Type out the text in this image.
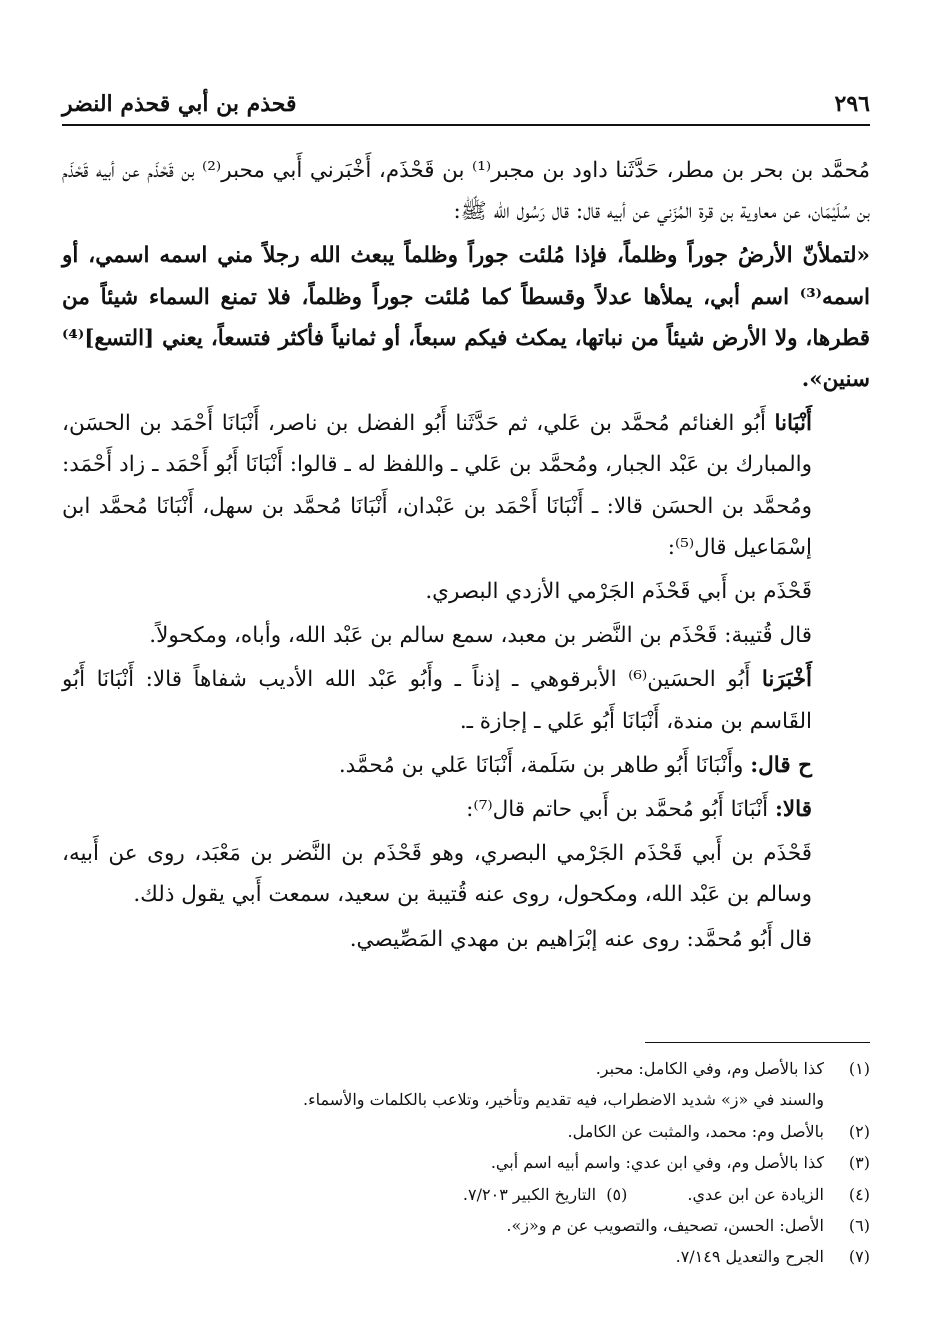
٢٩٦
قحذم بن أبي قحذم النضر

مُحمَّد بن بحر بن مطر، حَدَّثَنا داود بن مجبر⁽¹⁾ بن قَحْذَم، أَخْبَرني أَبي محبر⁽²⁾ بن قَحْذَم عن أبيه قَحْذَم بن سُلَيْمَان، عن معاوية بن قرة المُزَني عن أبيه قال: قال رَسُول الله ﷺ:

«لتملأنّ الأرضُ جوراً وظلماً، فإذا مُلئت جوراً وظلماً يبعث الله رجلاً مني اسمه اسمي، أو اسمه⁽³⁾ اسم أبي، يملأها عدلاً وقسطاً كما مُلئت جوراً وظلماً، فلا تمنع السماء شيئاً من قطرها، ولا الأرض شيئاً من نباتها، يمكث فيكم سبعاً، أو ثمانياً فأكثر فتسعاً، يعني [التسع]⁽⁴⁾ سنين».

أَنْبَانا أَبُو الغنائم مُحمَّد بن عَلي، ثم حَدَّثَنا أَبُو الفضل بن ناصر، أَنْبَانَا أَحْمَد بن الحسَن، والمبارك بن عَبْد الجبار، ومُحمَّد بن عَلي ـ واللفظ له ـ قالوا: أَنْبَانَا أَبُو أَحْمَد ـ زاد أَحْمَد: ومُحمَّد بن الحسَن قالا: ـ أَنْبَانَا أَحْمَد بن عَبْدان، أَنْبَانَا مُحمَّد بن سهل، أَنْبَانَا مُحمَّد ابن إسْمَاعيل قال⁽⁵⁾:

قَحْذَم بن أَبي قَحْذَم الجَرْمي الأزدي البصري.

قال قُتيبة: قَحْذَم بن النَّضر بن معبد، سمع سالم بن عَبْد الله، وأباه، ومكحولاً.

أَخْبَرَنا أَبُو الحسَين⁽⁶⁾ الأبرقوهي ـ إذناً ـ وأَبُو عَبْد الله الأديب شفاهاً قالا: أَنْبَانَا أَبُو القَاسم بن مندة، أَنْبَانَا أَبُو عَلي ـ إجازة ـ.

ح قال: وأَنْبَانَا أَبُو طاهر بن سَلَمة، أَنْبَانَا عَلي بن مُحمَّد.

قالا: أَنْبَانَا أَبُو مُحمَّد بن أَبي حاتم قال⁽⁷⁾:

قَحْذَم بن أَبي قَحْذَم الجَرْمي البصري، وهو قَحْذَم بن النَّضر بن مَعْبَد، روى عن أَبيه، وسالم بن عَبْد الله، ومكحول، روى عنه قُتيبة بن سعيد، سمعت أَبي يقول ذلك.

قال أَبُو مُحمَّد: روى عنه إبْرَاهيم بن مهدي المَصِّيصي.

(١)
كذا بالأصل وم، وفي الكامل: محبر.
والسند في «ز» شديد الاضطراب، فيه تقديم وتأخير، وتلاعب بالكلمات والأسماء.
(٢)
بالأصل وم: محمد، والمثبت عن الكامل.
(٣)
كذا بالأصل وم، وفي ابن عدي: واسم أبيه اسم أبي.
(٤)
الزيادة عن ابن عدي.
(٥)  التاريخ الكبير ٧/٢٠٣.
(٦)
الأصل: الحسن، تصحيف، والتصويب عن م و«ز».
(٧)
الجرح والتعديل ٧/١٤٩.
